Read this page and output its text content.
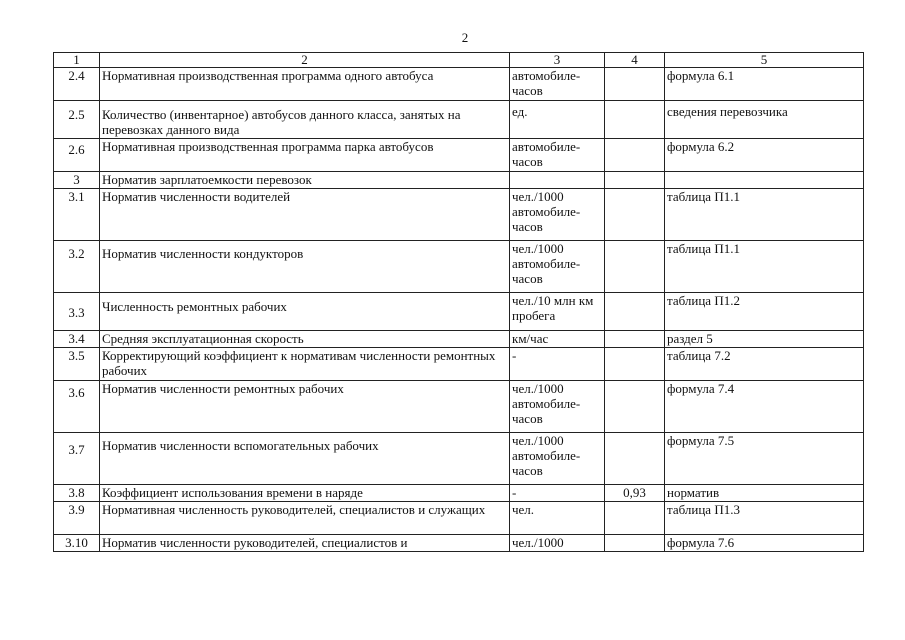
2
1	2	3	4	5
2.4	Нормативная производственная программа одного автобуса	автомобиле-часов		формула 6.1
2.5	Количество (инвентарное) автобусов данного класса, занятых на перевозках данного вида	ед.		сведения перевозчика
2.6	Нормативная производственная программа парка автобусов	автомобиле-часов		формула 6.2
3	Норматив зарплатоемкости перевозок			
3.1	Норматив численности водителей	чел./1000 автомобиле-часов		таблица П1.1
3.2	Норматив численности кондукторов	чел./1000 автомобиле-часов		таблица П1.1
3.3	Численность ремонтных рабочих	чел./10 млн км пробега		таблица П1.2
3.4	Средняя эксплуатационная скорость	км/час		раздел 5
3.5	Корректирующий коэффициент к нормативам численности ремонтных рабочих	-		таблица 7.2
3.6	Норматив численности ремонтных рабочих	чел./1000 автомобиле-часов		формула 7.4
3.7	Норматив численности вспомогательных рабочих	чел./1000 автомобиле-часов		формула 7.5
3.8	Коэффициент использования времени в наряде	-	0,93	норматив
3.9	Нормативная численность руководителей, специалистов и служащих	чел.		таблица П1.3
3.10	Норматив численности руководителей, специалистов и	чел./1000		формула 7.6
